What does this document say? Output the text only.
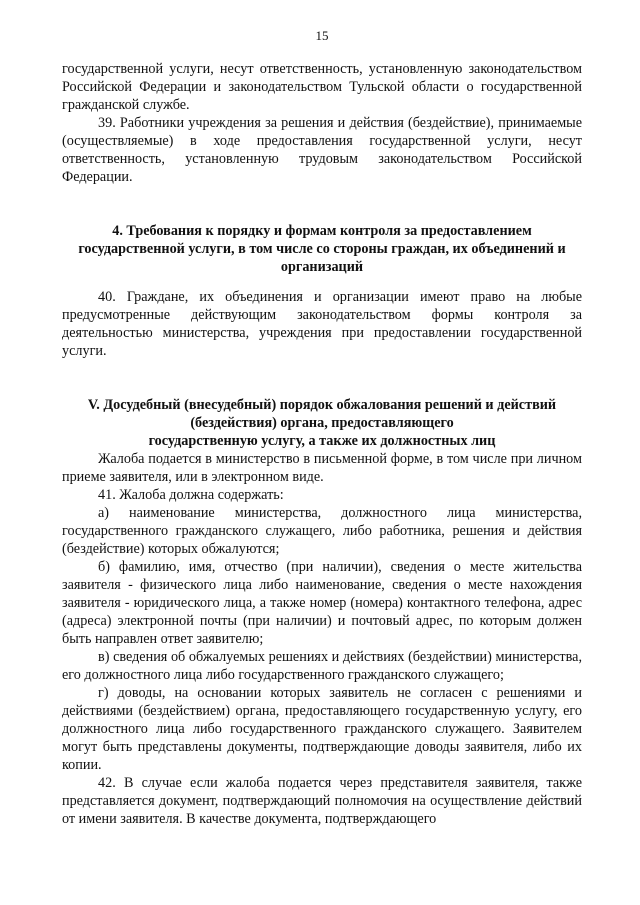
15

государственной услуги, несут ответственность, установленную законодательством Российской Федерации и законодательством Тульской области о государственной гражданской службе.

39. Работники учреждения за решения и действия (бездействие), принимаемые (осуществляемые) в ходе предоставления государственной услуги, несут ответственность, установленную трудовым законодательством Российской Федерации.

4. Требования к порядку и формам контроля за предоставлением государственной услуги, в том числе со стороны граждан, их объединений и организаций

40. Граждане, их объединения и организации имеют право на любые предусмотренные действующим законодательством формы контроля за деятельностью министерства, учреждения при предоставлении государственной услуги.

V. Досудебный (внесудебный) порядок обжалования решений и действий (бездействия) органа, предоставляющего

государственную услугу, а также их должностных лиц

Жалоба подается в министерство в письменной форме, в том числе при личном приеме заявителя, или в электронном виде.

41. Жалоба должна содержать:

а) наименование министерства, должностного лица министерства, государственного гражданского служащего, либо работника, решения и действия (бездействие) которых обжалуются;

б) фамилию, имя, отчество (при наличии), сведения о месте жительства заявителя - физического лица либо наименование, сведения о месте нахождения заявителя - юридического лица, а также номер (номера) контактного телефона, адрес (адреса) электронной почты (при наличии) и почтовый адрес, по которым должен быть направлен ответ заявителю;

в) сведения об обжалуемых решениях и действиях (бездействии) министерства, его должностного лица либо государственного гражданского служащего;

г) доводы, на основании которых заявитель не согласен с решениями и действиями (бездействием) органа, предоставляющего государственную услугу, его должностного лица либо государственного гражданского служащего. Заявителем могут быть представлены документы, подтверждающие доводы заявителя, либо их копии.

42. В случае если жалоба подается через представителя заявителя, также представляется документ, подтверждающий полномочия на осуществление действий от имени заявителя. В качестве документа, подтверждающего
